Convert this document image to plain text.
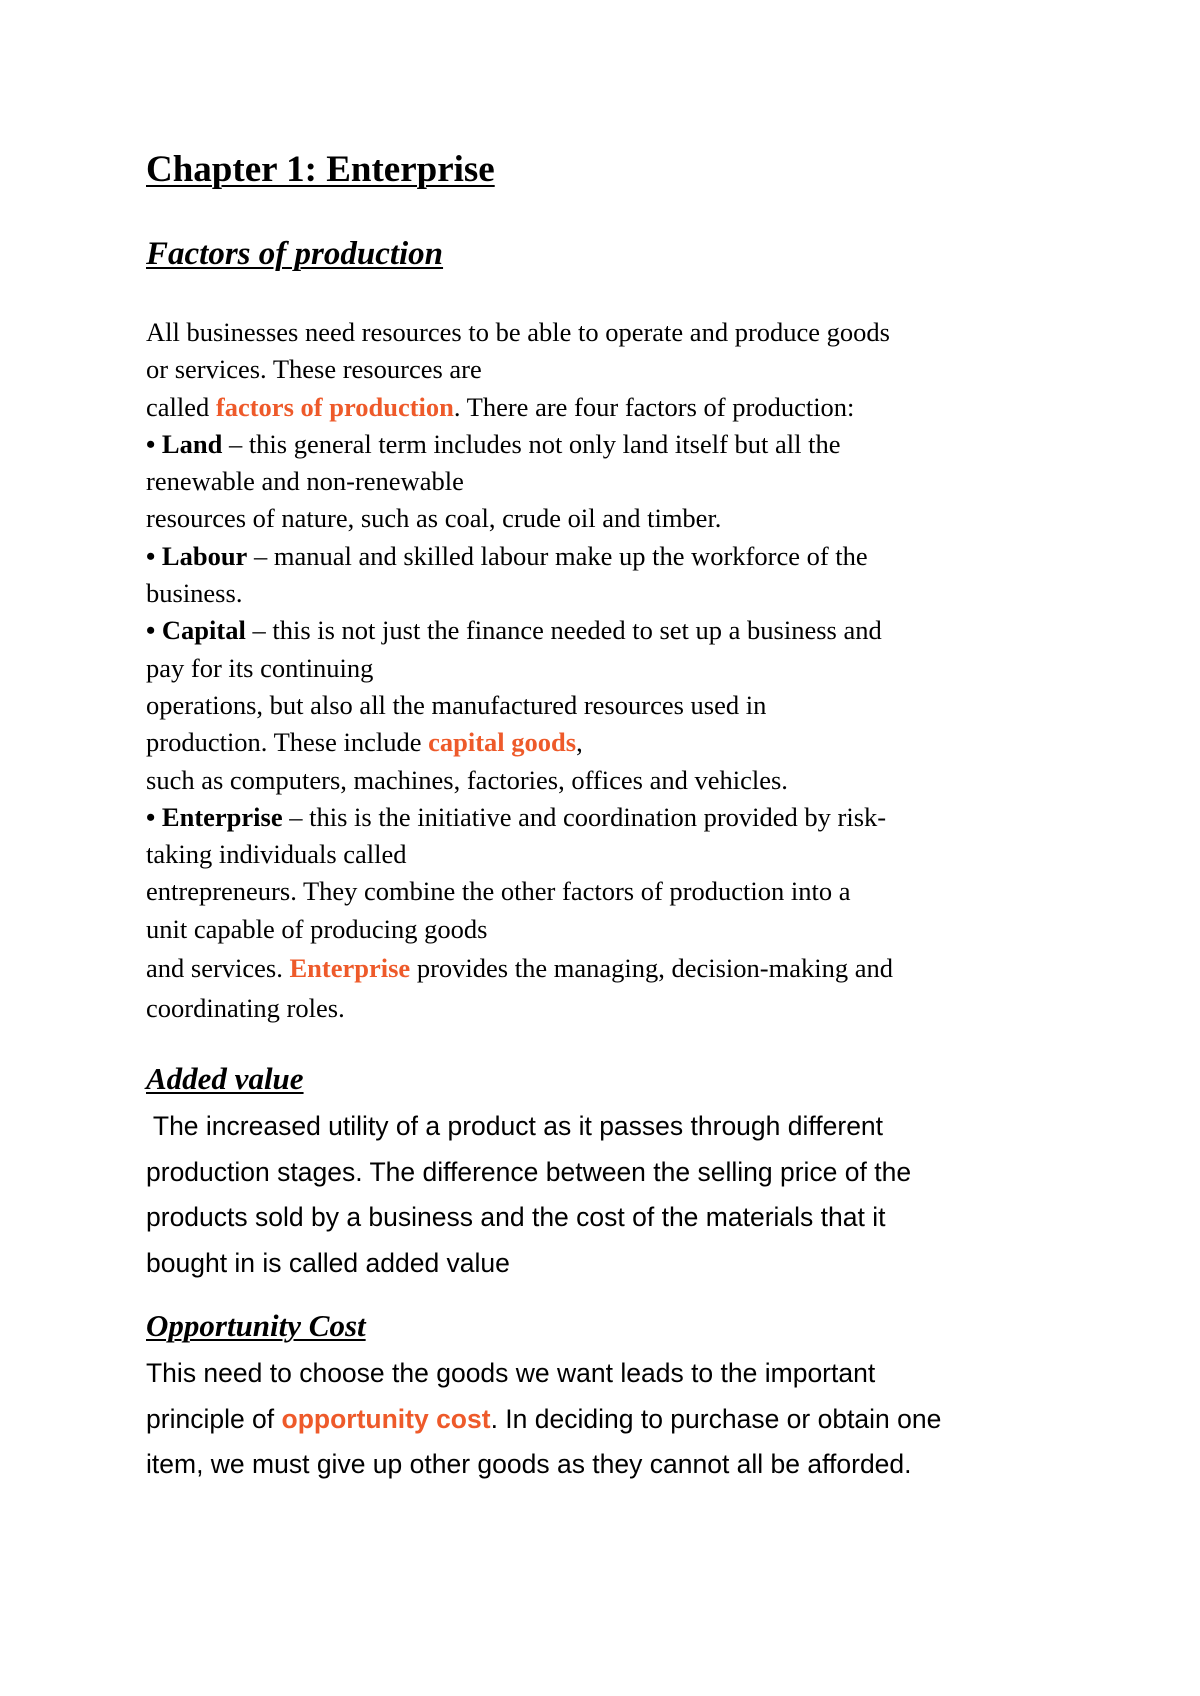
Chapter 1: Enterprise
Factors of production
All businesses need resources to be able to operate and produce goods
or services. These resources are
called factors of production. There are four factors of production:
• Land – this general term includes not only land itself but all the
renewable and non-renewable
resources of nature, such as coal, crude oil and timber.
• Labour – manual and skilled labour make up the workforce of the
business.
• Capital – this is not just the finance needed to set up a business and
pay for its continuing
operations, but also all the manufactured resources used in
production. These include capital goods,
such as computers, machines, factories, offices and vehicles.
• Enterprise – this is the initiative and coordination provided by risk-
taking individuals called
entrepreneurs. They combine the other factors of production into a
unit capable of producing goods
and services. Enterprise provides the managing, decision-making and
coordinating roles.
Added value
The increased utility of a product as it passes through different
production stages. The difference between the selling price of the
products sold by a business and the cost of the materials that it
bought in is called added value
Opportunity Cost
This need to choose the goods we want leads to the important
principle of opportunity cost. In deciding to purchase or obtain one
item, we must give up other goods as they cannot all be afforded.
